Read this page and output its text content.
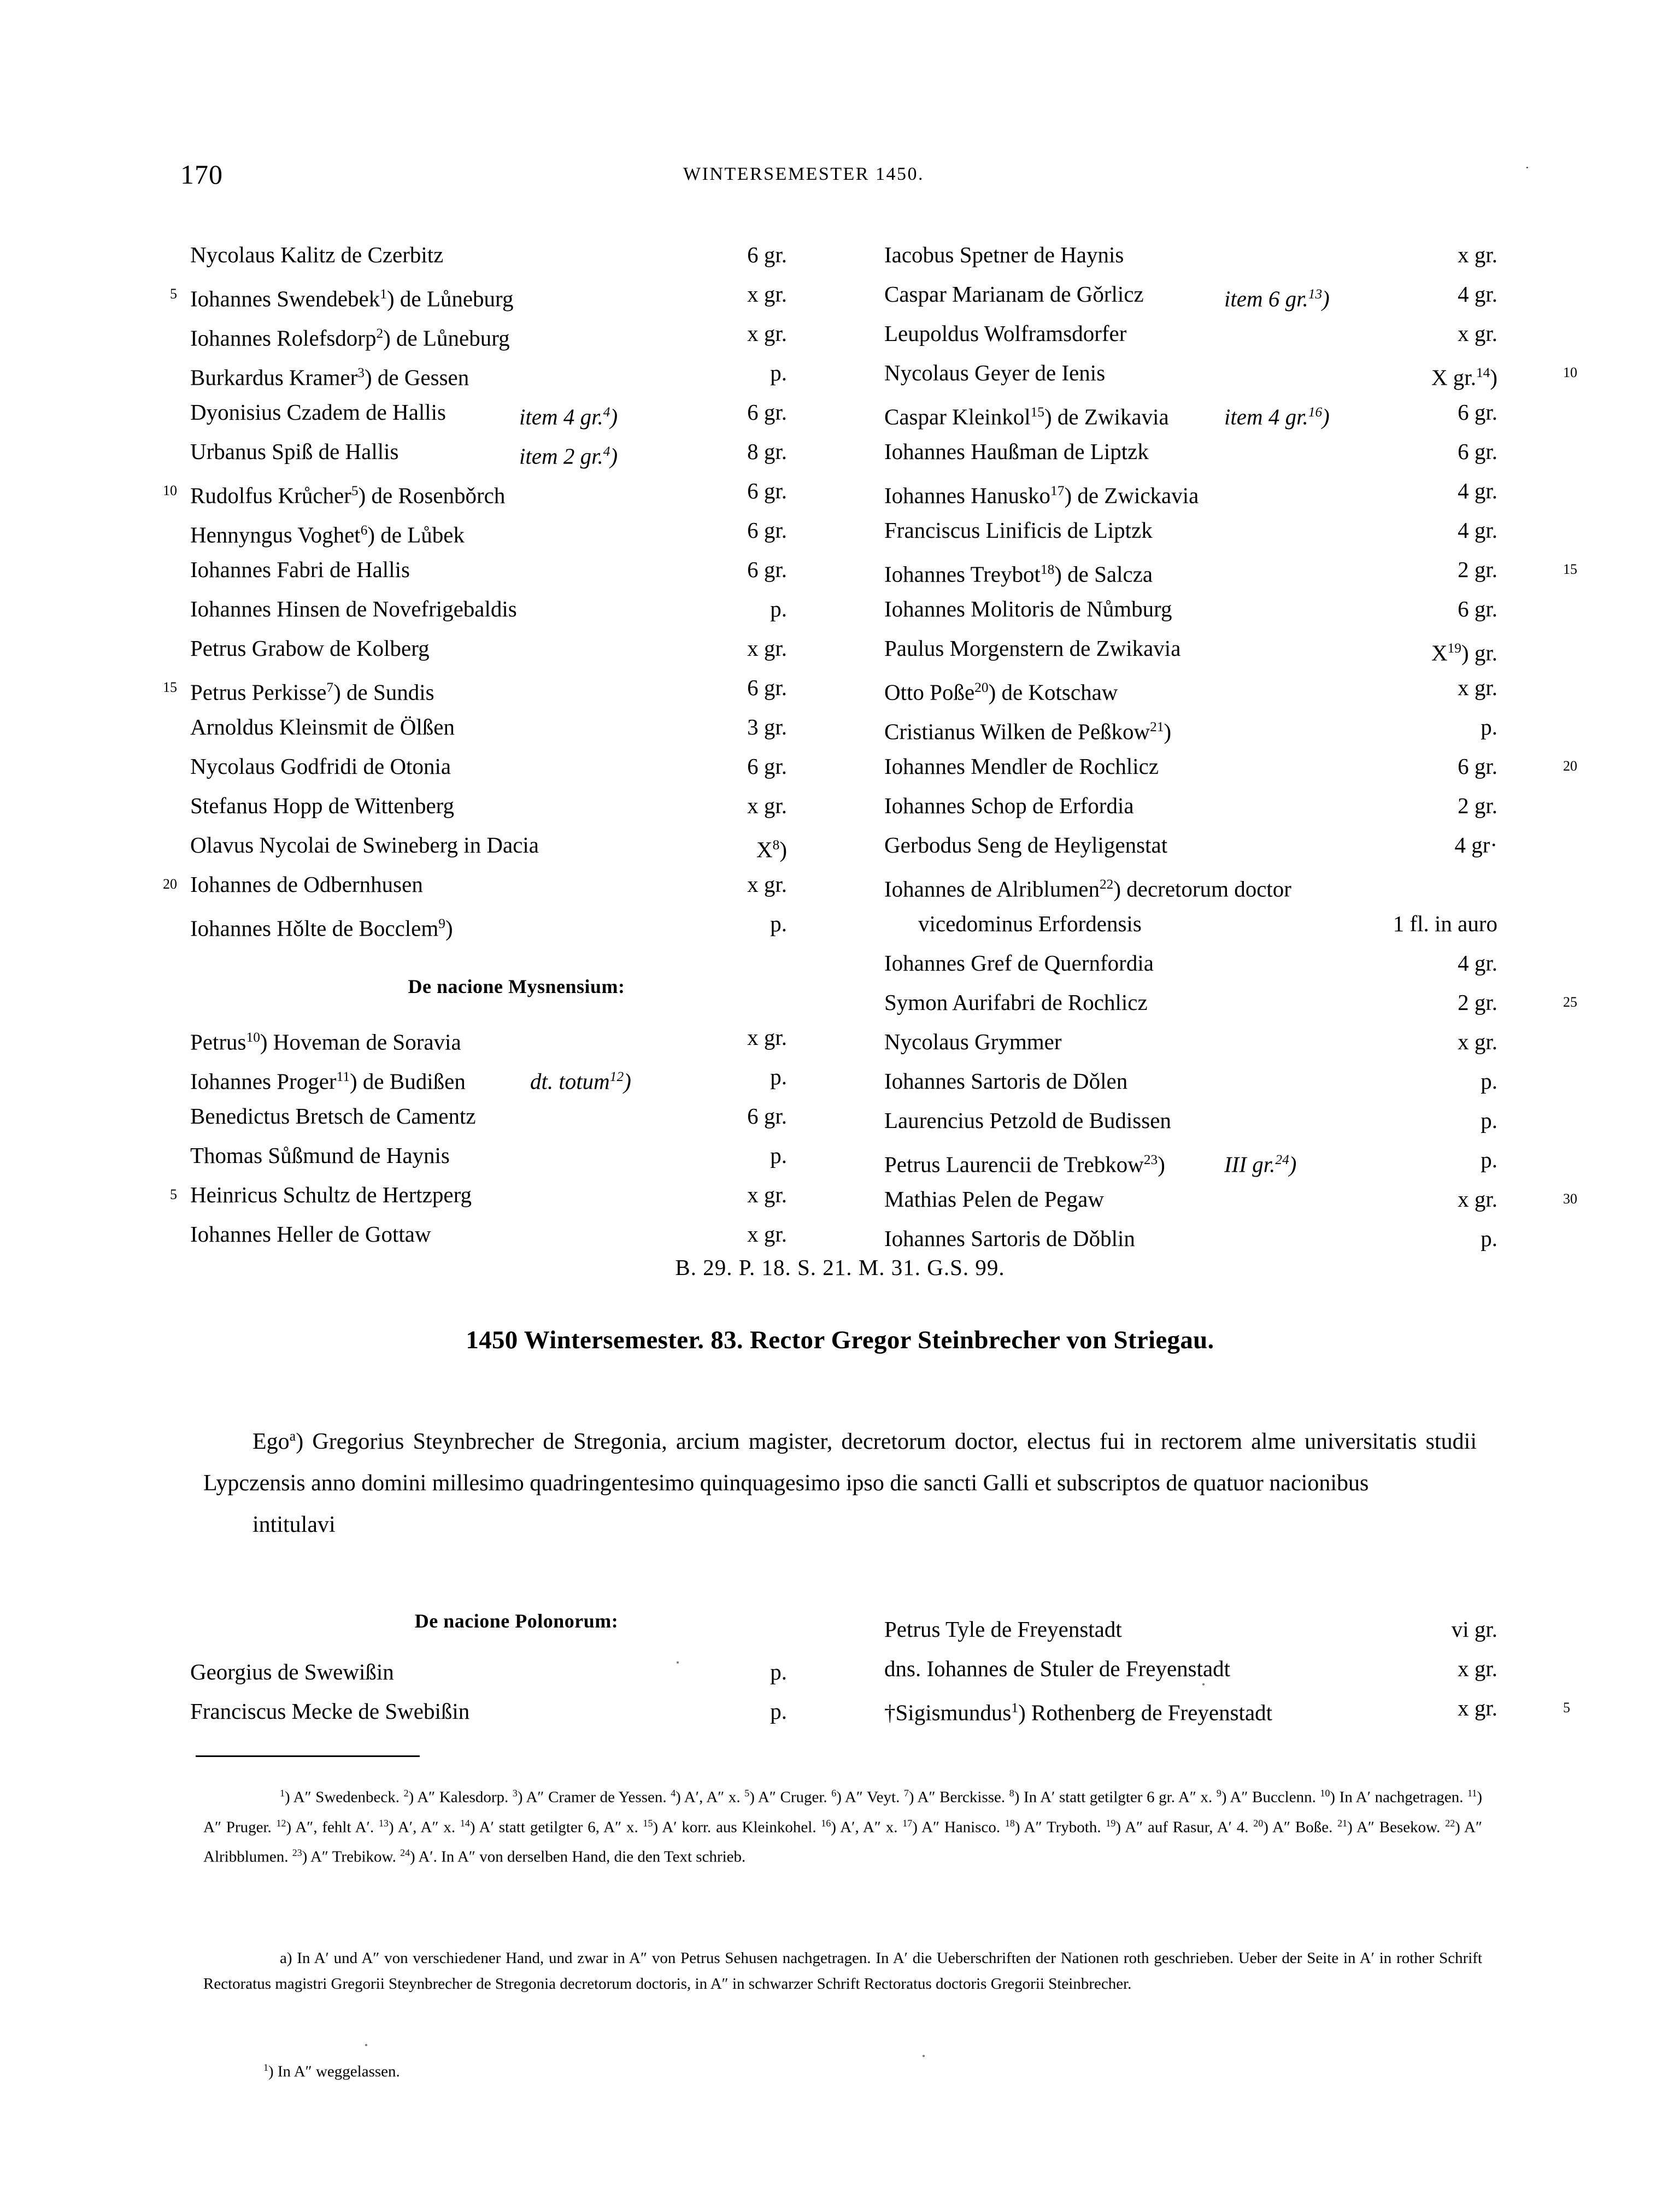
170	WINTERSEMESTER 1450.	˙
Nycolaus Kalitz de Czerbitz	6 gr.
5 Iohannes Swendebek$^1$) de Lůneburg	x gr.
Iohannes Rolefsdorp$^2$) de Lůneburg	x gr.
Burkardus Kramer$^3$) de Gessen	p.
Dyonisius Czadem de Hallis	item 4 gr.$^4$)	6 gr.
Urbanus Spiß de Hallis	item 2 gr.$^4$)	8 gr.
10 Rudolfus Krůcher$^5$) de Rosenbǒrch	6 gr.
Hennyngus Voghet$^6$) de Lůbek	6 gr.
Iohannes Fabri de Hallis	6 gr.
Iohannes Hinsen de Novefrigebaldis	p.
Petrus Grabow de Kolberg	x gr.
15 Petrus Perkisse$^7$) de Sundis	6 gr.
Arnoldus Kleinsmit de Ölßen	3 gr.
Nycolaus Godfridi de Otonia	6 gr.
Stefanus Hopp de Wittenberg	x gr.
Olavus Nycolai de Swineberg in Dacia	$X^8$)
20 Iohannes de Odbernhusen	x gr.
Iohannes Hǒlte de Bocclem$^9$)	p.
De nacione Mysnensium:
Petrus$^{10}$) Hoveman de Soravia	x gr.
Iohannes Proger$^{11}$) de Budißen	dt. totum$^{12}$)	p.
Benedictus Bretsch de Camentz	6 gr.
Thomas Sůßmund de Haynis	p.
5 Heinricus Schultz de Hertzperg	x gr.
Iohannes Heller de Gottaw	x gr.
Iacobus Spetner de Haynis	x gr.
Caspar Marianam de Gǒrlicz	item 6 gr.$^{13}$)	4 gr.
Leupoldus Wolframsdorfer	x gr.
10
Nycolaus Geyer de Ienis	X gr.$^{14}$)
Caspar Kleinkol$^{15}$) de Zwikavia item 4 gr.$^{16}$)	6 gr.
Iohannes Haußman de Liptzk	6 gr.
Iohannes Hanusko$^{17}$) de Zwickavia	4 gr.
Franciscus Linificis de Liptzk	4 gr.
15
Iohannes Treybot$^{18}$) de Salcza	2 gr.
Iohannes Molitoris de Nůmburg	6 gr.
Paulus Morgenstern de Zwikavia	$X^{19}$) gr.
Otto Poße$^{20}$) de Kotschaw	x gr.
Cristianus Wilken de Peßkow$^{21}$)	p.
20
Iohannes Mendler de Rochlicz	6 gr.
Iohannes Schop de Erfordia	2 gr.
Gerbodus Seng de Heyligenstat	4 gr·
Iohannes de Alriblumen$^{22}$) decretorum doctor
vicedominus Erfordensis	1 fl. in auro
Iohannes Gref de Quernfordia	4 gr.
25
Symon Aurifabri de Rochlicz	2 gr.
Nycolaus Grymmer	x gr.
Iohannes Sartoris de Dǒlen	p.
Laurencius Petzold de Budissen	p.
Petrus Laurencii de Trebkow$^{23}$)	III gr.$^{24}$)	p.
30
Mathias Pelen de Pegaw	x gr.
Iohannes Sartoris de Dǒblin	p.
B. 29. P. 18. S. 21. M. 31. G.S. 99.
1450 Wintersemester. 83. Rector Gregor Steinbrecher von Striegau.
Ego$^a$) Gregorius Steynbrecher de Stregonia, arcium magister, decretorum doctor, electus fui in rectorem alme universitatis studii Lypczensis anno domini millesimo quadringentesimo quinquagesimo ipso die sancti Galli et subscriptos de quatuor nacionibus
intitulavi
De nacione Polonorum:
Georgius de Swewißin	p.
Franciscus Mecke de Swebißin	p.
Petrus Tyle de Freyenstadt	vi gr.
dns. Iohannes de Stuler de Freyenstadt	x gr.
5
†Sigismundus$^1$) Rothenberg de Freyenstadt	x gr.
$^1$) A″ Swedenbeck. $^2$) A″ Kalesdorp. $^3$) A″ Cramer de Yessen. $^4$) A′, A″ x. $^5$) A″ Cruger. $^6$) A″ Veyt. $^7$) A″ Berckisse. $^8$) In A′ statt getilgter 6 gr. A″ x. $^9$) A″ Bucclenn. $^{10}$) In A′ nachgetragen. $^{11}$) A″ Pruger. $^{12}$) A″, fehlt A′. $^{13}$) A′, A″ x. $^{14}$) A′ statt getilgter 6, A″ x. $^{15}$) A′ korr. aus Kleinkohel. $^{16}$) A′, A″ x. $^{17}$) A″ Hanisco. $^{18}$) A″ Tryboth. $^{19}$) A″ auf Rasur, A′ 4. $^{20}$) A″ Boße. $^{21}$) A″ Besekow. $^{22}$) A″ Alribblumen. $^{23}$) A″ Trebikow. $^{24}$) A′. In A″ von derselben Hand, die den Text schrieb.
a) In A′ und A″ von verschiedener Hand, und zwar in A″ von Petrus Sehusen nachgetragen. In A′ die Ueberschriften der Nationen roth geschrieben. Ueber der Seite in A′ in rother Schrift Rectoratus magistri Gregorii Steynbrecher de Stregonia decretorum doctoris, in A″ in schwarzer Schrift Rectoratus doctoris Gregorii Steinbrecher.
$^1$) In A″ weggelassen.
